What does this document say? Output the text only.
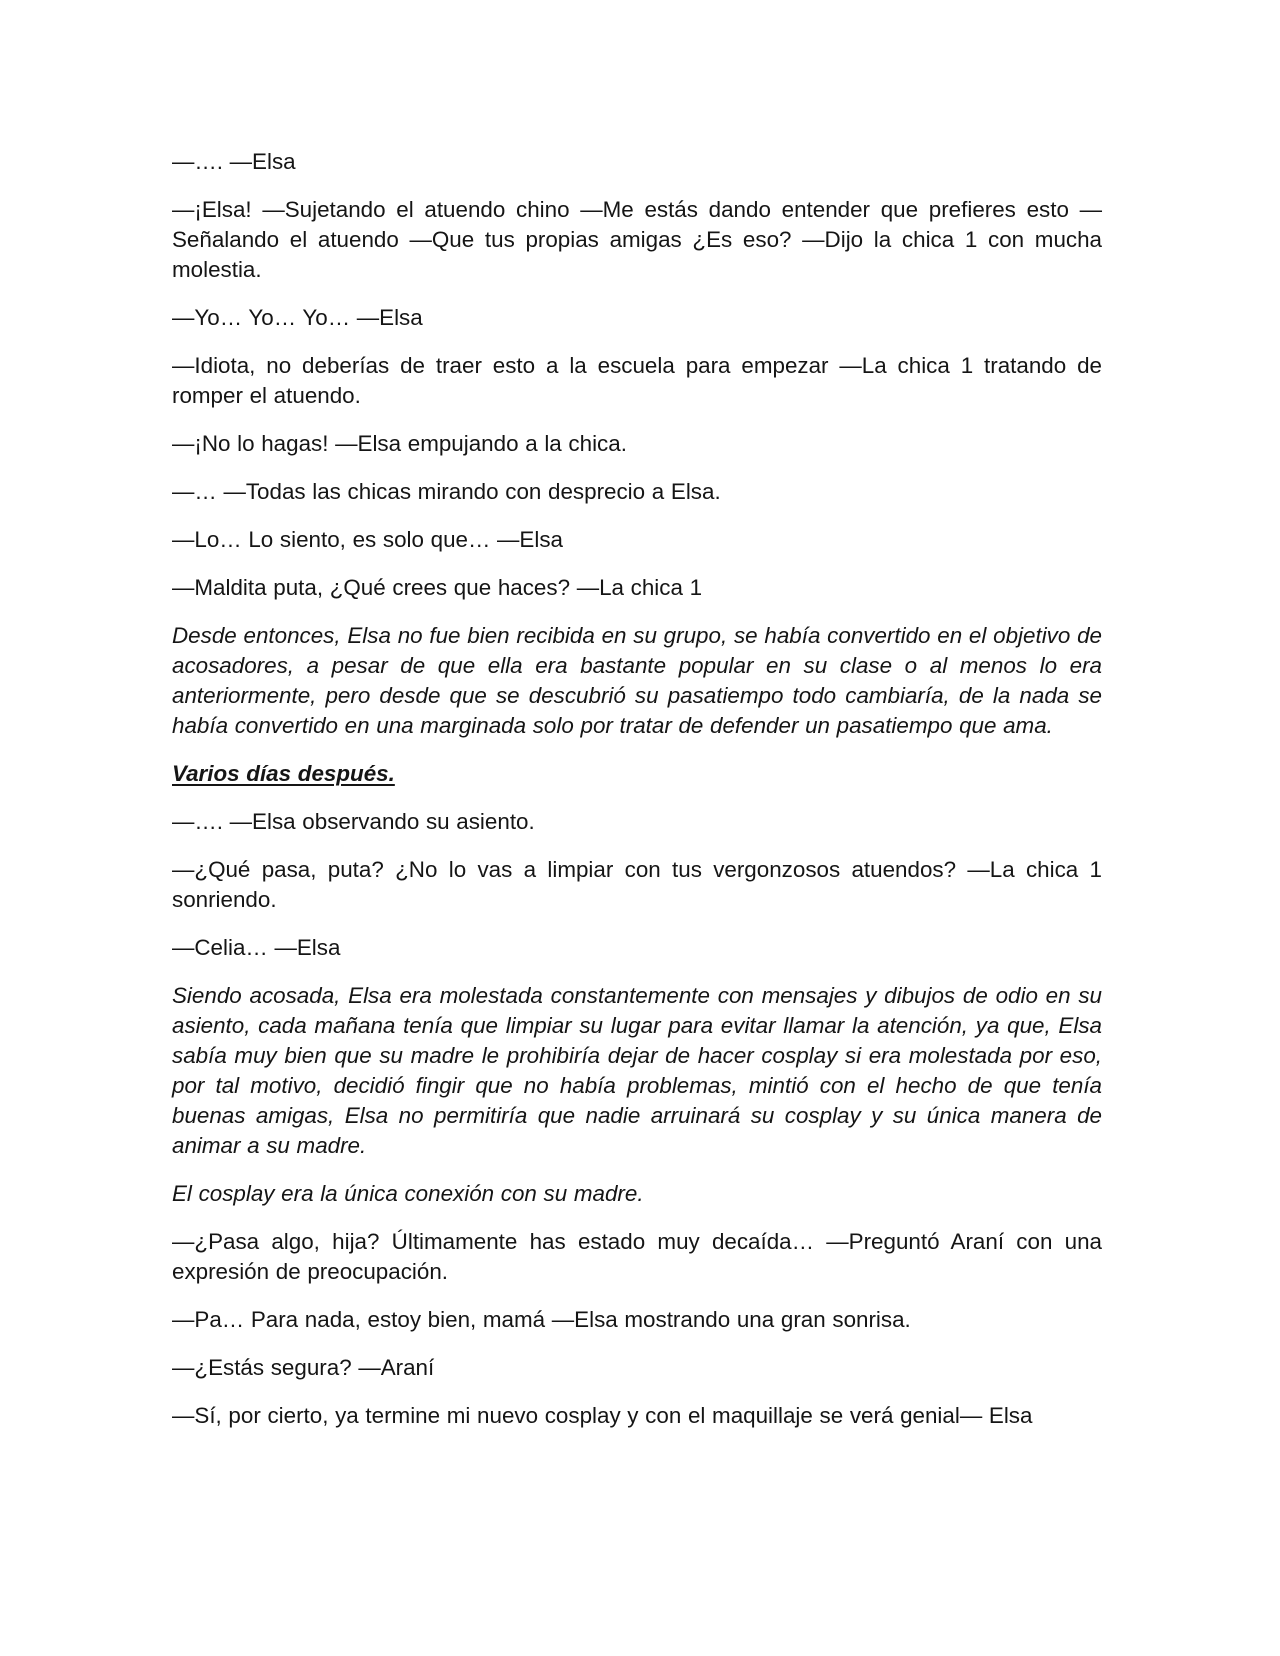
—…. —Elsa

—¡Elsa! —Sujetando el atuendo chino —Me estás dando entender que prefieres esto —Señalando el atuendo —Que tus propias amigas ¿Es eso? —Dijo la chica 1 con mucha molestia.

—Yo… Yo… Yo… —Elsa

—Idiota, no deberías de traer esto a la escuela para empezar —La chica 1 tratando de romper el atuendo.

—¡No lo hagas! —Elsa empujando a la chica.

—… —Todas las chicas mirando con desprecio a Elsa.

—Lo… Lo siento, es solo que… —Elsa

—Maldita puta, ¿Qué crees que haces? —La chica 1

Desde entonces, Elsa no fue bien recibida en su grupo, se había convertido en el objetivo de acosadores, a pesar de que ella era bastante popular en su clase o al menos lo era anteriormente, pero desde que se descubrió su pasatiempo todo cambiaría, de la nada se había convertido en una marginada solo por tratar de defender un pasatiempo que ama.

Varios días después.

—…. —Elsa observando su asiento.

—¿Qué pasa, puta? ¿No lo vas a limpiar con tus vergonzosos atuendos? —La chica 1 sonriendo.

—Celia… —Elsa

Siendo acosada, Elsa era molestada constantemente con mensajes y dibujos de odio en su asiento, cada mañana tenía que limpiar su lugar para evitar llamar la atención, ya que, Elsa sabía muy bien que su madre le prohibiría dejar de hacer cosplay si era molestada por eso, por tal motivo, decidió fingir que no había problemas, mintió con el hecho de que tenía buenas amigas, Elsa no permitiría que nadie arruinará su cosplay y su única manera de animar a su madre.

El cosplay era la única conexión con su madre.

—¿Pasa algo, hija? Últimamente has estado muy decaída… —Preguntó Araní con una expresión de preocupación.

—Pa… Para nada, estoy bien, mamá —Elsa mostrando una gran sonrisa.

—¿Estás segura? —Araní

—Sí, por cierto, ya termine mi nuevo cosplay y con el maquillaje se verá genial— Elsa
